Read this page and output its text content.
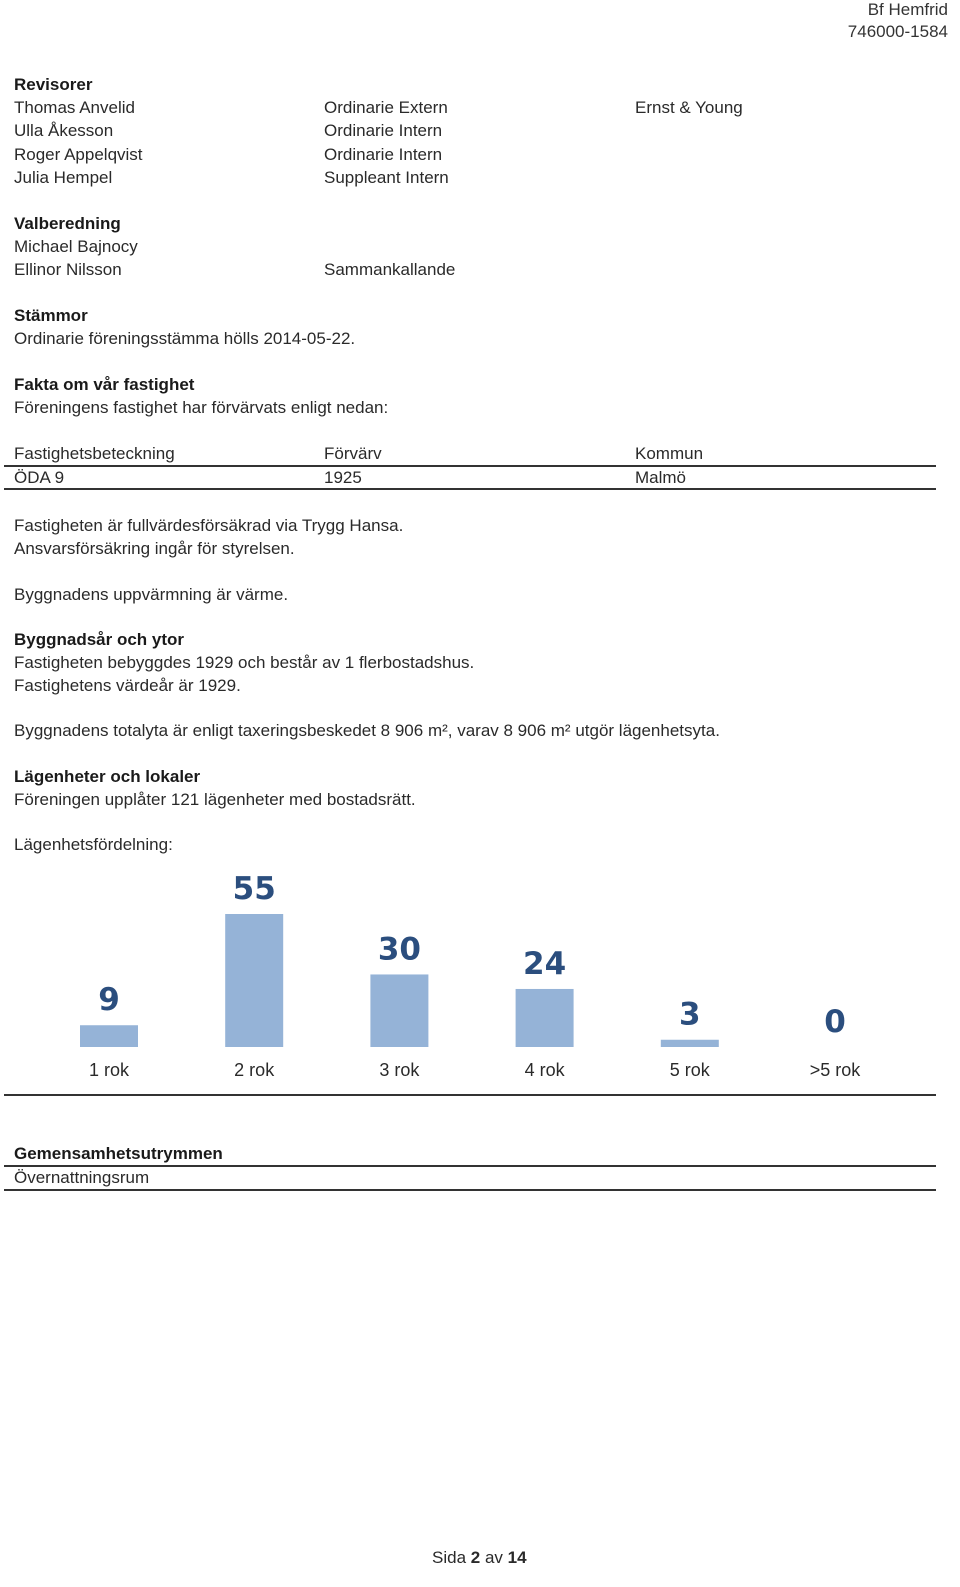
Bf Hemfrid
746000-1584
Revisorer
Thomas Anvelid	Ordinarie Extern	Ernst & Young
Ulla Åkesson	Ordinarie Intern
Roger Appelqvist	Ordinarie Intern
Julia Hempel	Suppleant Intern
Valberedning
Michael Bajnocy
Ellinor Nilsson	Sammankallande
Stämmor
Ordinarie föreningsstämma hölls 2014-05-22.
Fakta om vår fastighet
Föreningens fastighet har förvärvats enligt nedan:
Fastighetsbeteckning	Förvärv	Kommun
ÖDA 9	1925	Malmö
Fastigheten är fullvärdesförsäkrad via Trygg Hansa.
Ansvarsförsäkring ingår för styrelsen.
Byggnadens uppvärmning är värme.
Byggnadsår och ytor
Fastigheten bebyggdes 1929 och består av 1 flerbostadshus.
Fastighetens värdeår är 1929.
Byggnadens totalyta är enligt taxeringsbeskedet 8 906 m², varav 8 906 m² utgör lägenhetsyta.
Lägenheter och lokaler
Föreningen upplåter 121 lägenheter med bostadsrätt.
Lägenhetsfördelning:
9
1 rok
55
2 rok
30
3 rok
24
4 rok
3
5 rok
0
>5 rok
Gemensamhetsutrymmen
Övernattningsrum
Sida 2 av 14
